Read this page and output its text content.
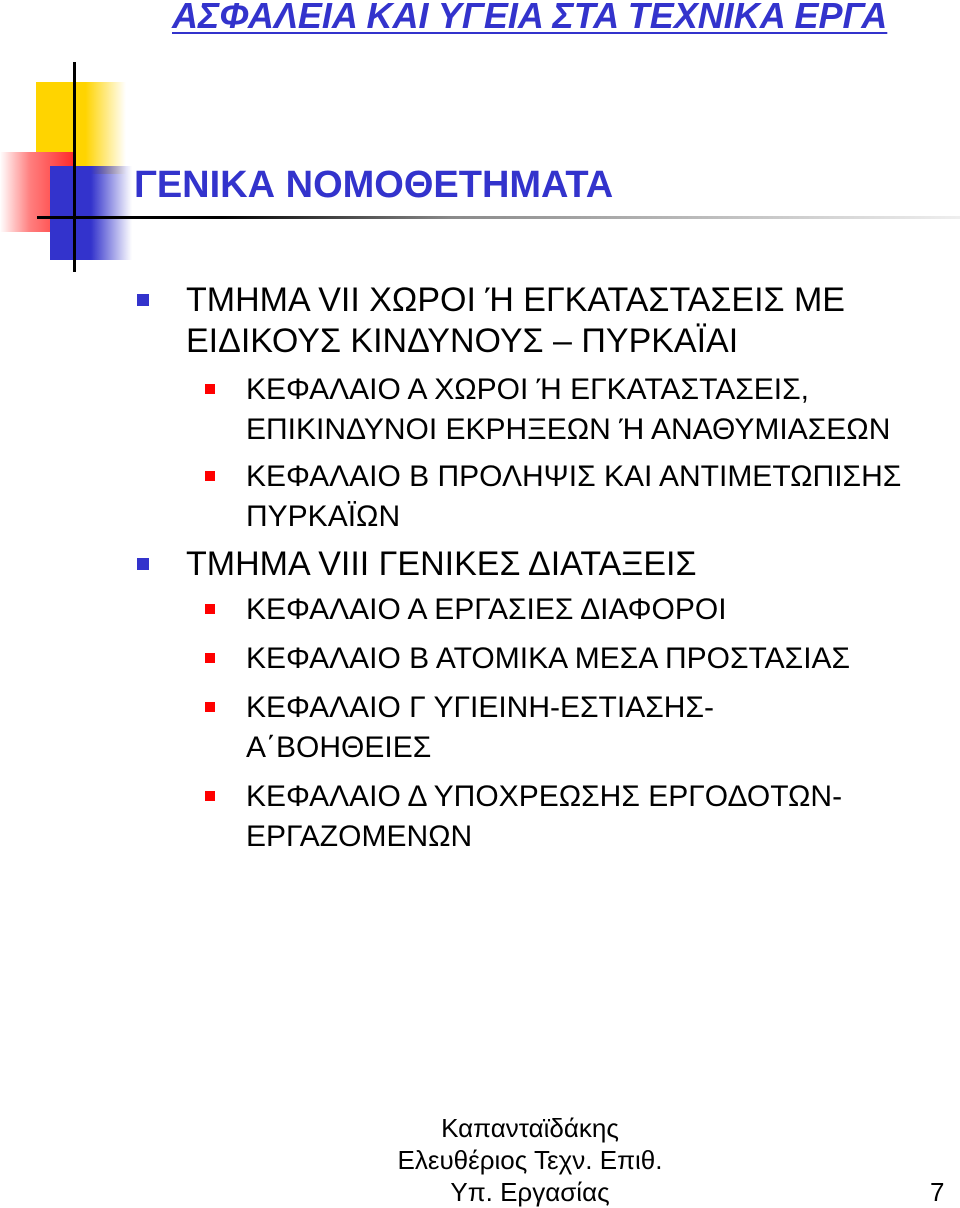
ΑΣΦΑΛΕΙΑ ΚΑΙ ΥΓΕΙΑ ΣΤΑ ΤΕΧΝΙΚΑ ΕΡΓΑ
ΓΕΝΙΚΑ ΝΟΜΟΘΕΤΗΜΑΤΑ
ΤΜΗΜΑ VII ΧΩΡΟΙ Ή ΕΓΚΑΤΑΣΤΑΣΕΙΣ ΜΕ ΕΙΔΙΚΟΥΣ ΚΙΝΔΥΝΟΥΣ – ΠΥΡΚΑΪΑΙ
ΚΕΦΑΛΑΙΟ Α ΧΩΡΟΙ Ή ΕΓΚΑΤΑΣΤΑΣΕΙΣ, ΕΠΙΚΙΝΔΥΝΟΙ ΕΚΡΗΞΕΩΝ Ή ΑΝΑΘΥΜΙΑΣΕΩΝ
ΚΕΦΑΛΑΙΟ Β ΠΡΟΛΗΨΙΣ ΚΑΙ ΑΝΤΙΜΕΤΩΠΙΣΗΣ ΠΥΡΚΑΪΩΝ
ΤΜΗΜΑ VIII ΓΕΝΙΚΕΣ ΔΙΑΤΑΞΕΙΣ
ΚΕΦΑΛΑΙΟ Α ΕΡΓΑΣΙΕΣ ΔΙΑΦΟΡΟΙ
ΚΕΦΑΛΑΙΟ Β ΑΤΟΜΙΚΑ ΜΕΣΑ ΠΡΟΣΤΑΣΙΑΣ
ΚΕΦΑΛΑΙΟ Γ ΥΓΙΕΙΝΗ-ΕΣΤΙΑΣΗΣ-Α΄ΒΟΗΘΕΙΕΣ
ΚΕΦΑΛΑΙΟ Δ ΥΠΟΧΡΕΩΣΗΣ ΕΡΓΟΔΟΤΩΝ-ΕΡΓΑΖΟΜΕΝΩΝ
Καπανταϊδάκης
Ελευθέριος Τεχν. Επιθ.
Υπ. Εργασίας	7
